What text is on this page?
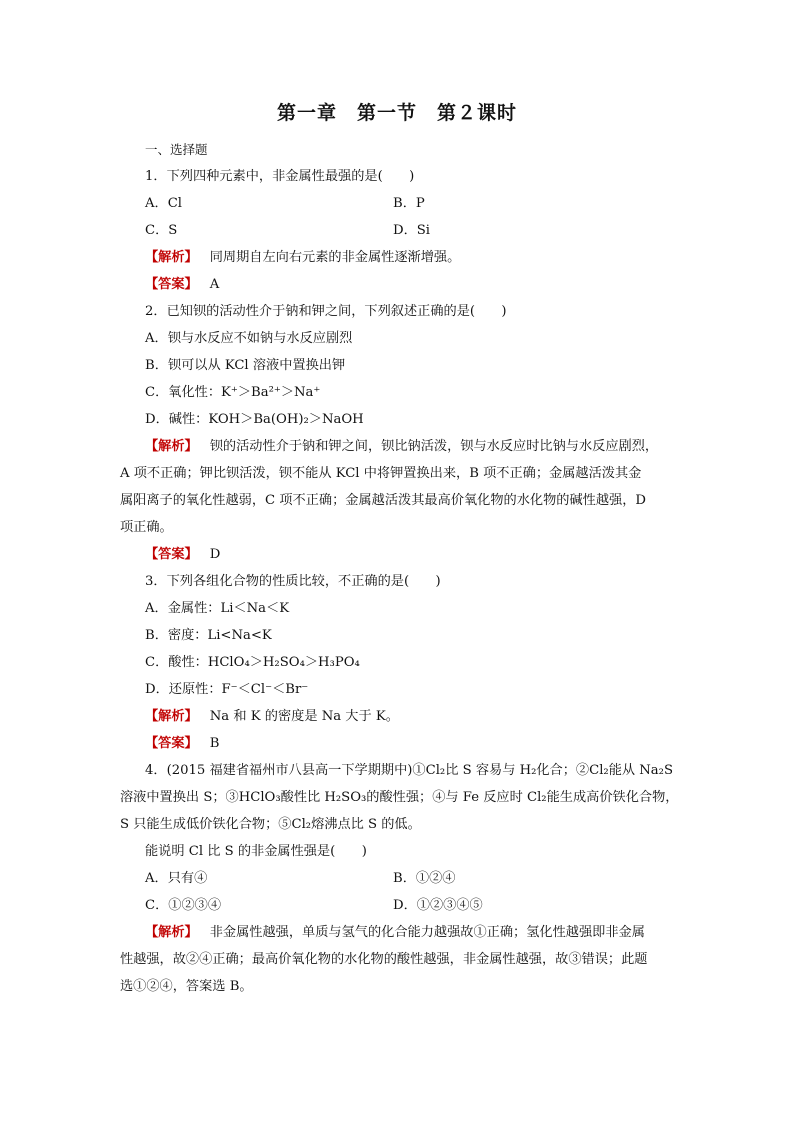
第一章　第一节　第２课时
一、选择题
1．下列四种元素中，非金属性最强的是(　　)
A．Cl	B．P
C．S	D．Si
【解析】 同周期自左向右元素的非金属性逐渐增强。
【答案】 A
2．已知钡的活动性介于钠和钾之间，下列叙述正确的是(　　)
A．钡与水反应不如钠与水反应剧烈
B．钡可以从 KCl 溶液中置换出钾
C．氧化性：K⁺＞Ba²⁺＞Na⁺
D．碱性：KOH＞Ba(OH)₂＞NaOH
【解析】 钡的活动性介于钠和钾之间，钡比钠活泼，钡与水反应时比钠与水反应剧烈，
A 项不正确；钾比钡活泼，钡不能从 KCl 中将钾置换出来，B 项不正确；金属越活泼其金
属阳离子的氧化性越弱，C 项不正确；金属越活泼其最高价氧化物的水化物的碱性越强，D
项正确。
【答案】 D
3．下列各组化合物的性质比较，不正确的是(　　)
A．金属性：Li＜Na＜K
B．密度：Li<Na<K
C．酸性：HClO₄＞H₂SO₄＞H₃PO₄
D．还原性：F⁻＜Cl⁻＜Br⁻
【解析】 Na 和 K 的密度是 Na 大于 K。
【答案】 B
4．(2015 福建省福州市八县高一下学期期中)①Cl₂比 S 容易与 H₂化合；②Cl₂能从 Na₂S
溶液中置换出 S；③HClO₃酸性比 H₂SO₃的酸性强；④与 Fe 反应时 Cl₂能生成高价铁化合物，
S 只能生成低价铁化合物；⑤Cl₂熔沸点比 S 的低。
能说明 Cl 比 S 的非金属性强是(　　)
A．只有④	B．①②④
C．①②③④	D．①②③④⑤
【解析】 非金属性越强，单质与氢气的化合能力越强故①正确；氢化性越强即非金属
性越强，故②④正确；最高价氧化物的水化物的酸性越强，非金属性越强，故③错误；此题
选①②④，答案选 B。
